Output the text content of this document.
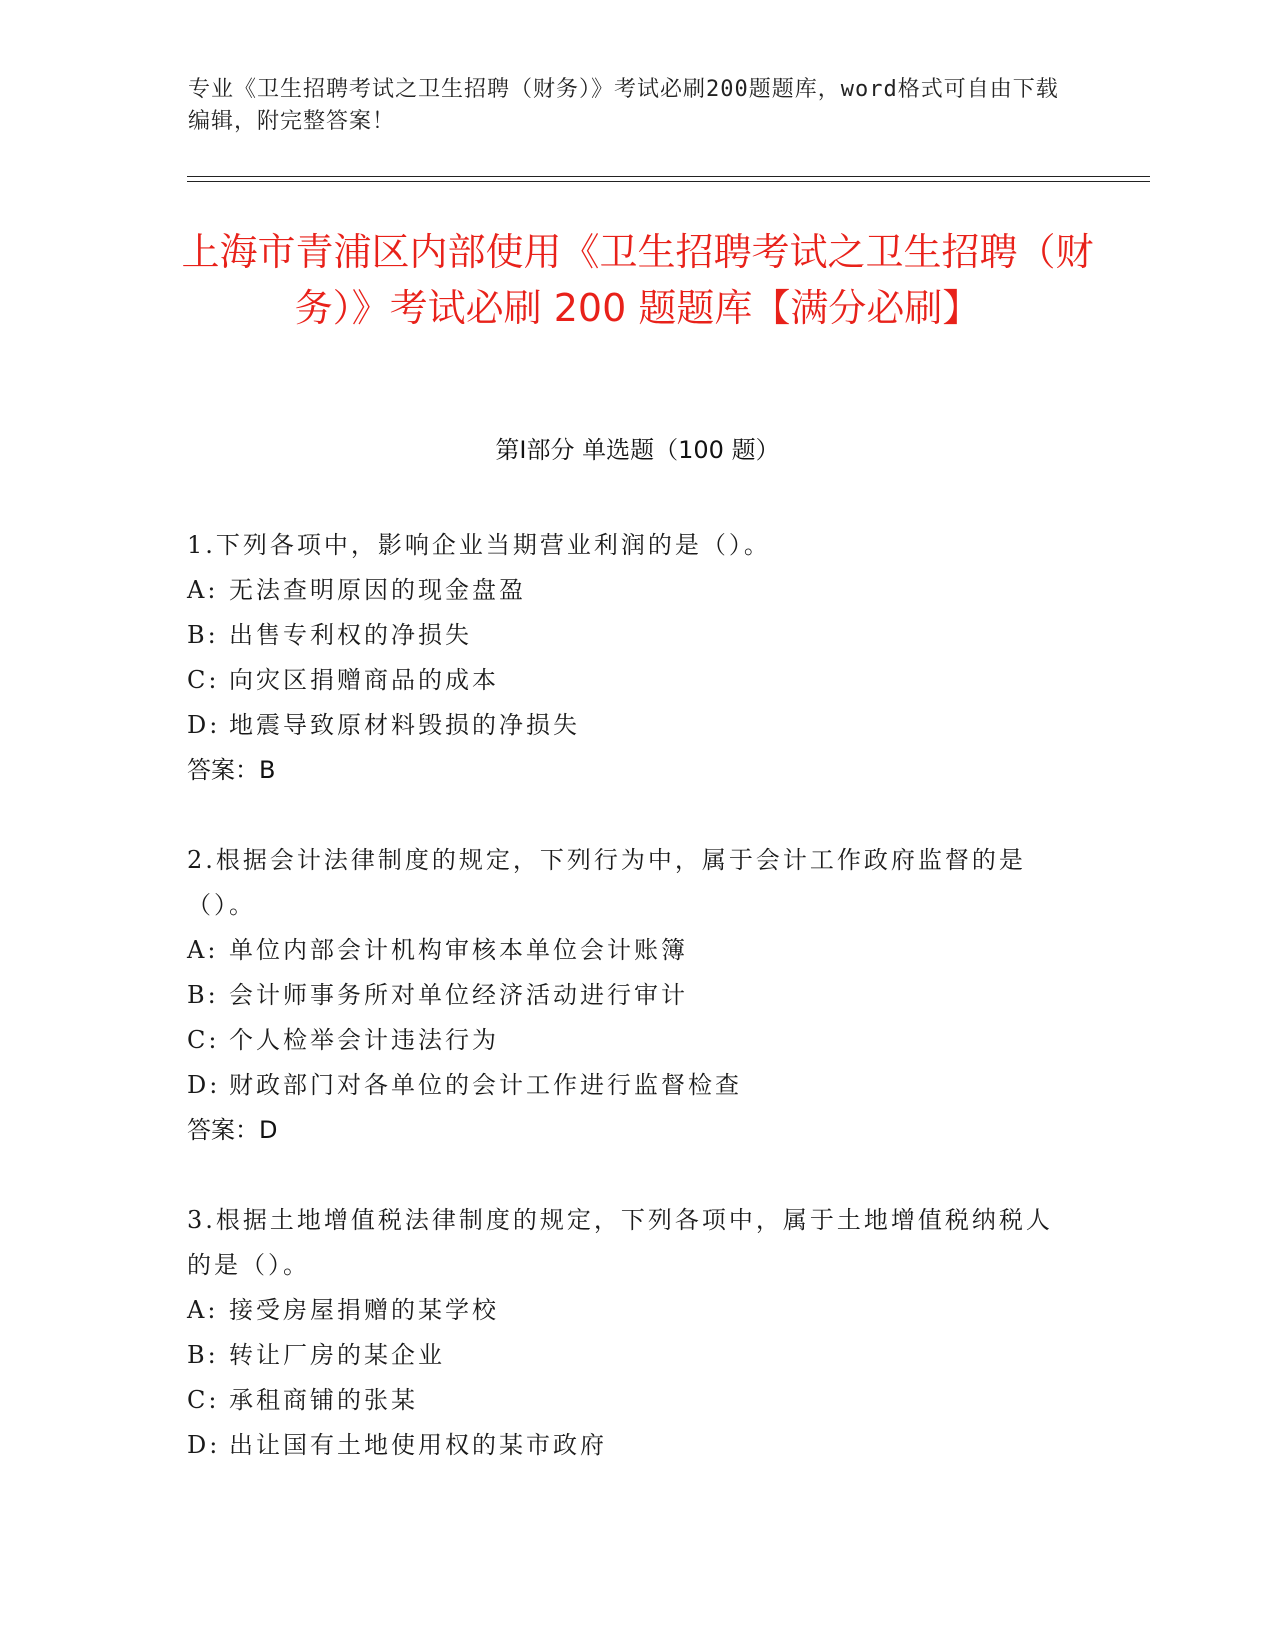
专业《卫生招聘考试之卫生招聘（财务）》考试必刷200题题库，word格式可自由下载编辑，附完整答案！
上海市青浦区内部使用《卫生招聘考试之卫生招聘（财务）》考试必刷 200 题题库【满分必刷】
第Ⅰ部分 单选题（100 题）
1.下列各项中，影响企业当期营业利润的是（）。
A: 无法查明原因的现金盘盈
B: 出售专利权的净损失
C: 向灾区捐赠商品的成本
D: 地震导致原材料毁损的净损失
答案：B
2.根据会计法律制度的规定，下列行为中，属于会计工作政府监督的是（）。
A: 单位内部会计机构审核本单位会计账簿
B: 会计师事务所对单位经济活动进行审计
C: 个人检举会计违法行为
D: 财政部门对各单位的会计工作进行监督检查
答案：D
3.根据土地增值税法律制度的规定，下列各项中，属于土地增值税纳税人的是（）。
A: 接受房屋捐赠的某学校
B: 转让厂房的某企业
C: 承租商铺的张某
D: 出让国有土地使用权的某市政府
